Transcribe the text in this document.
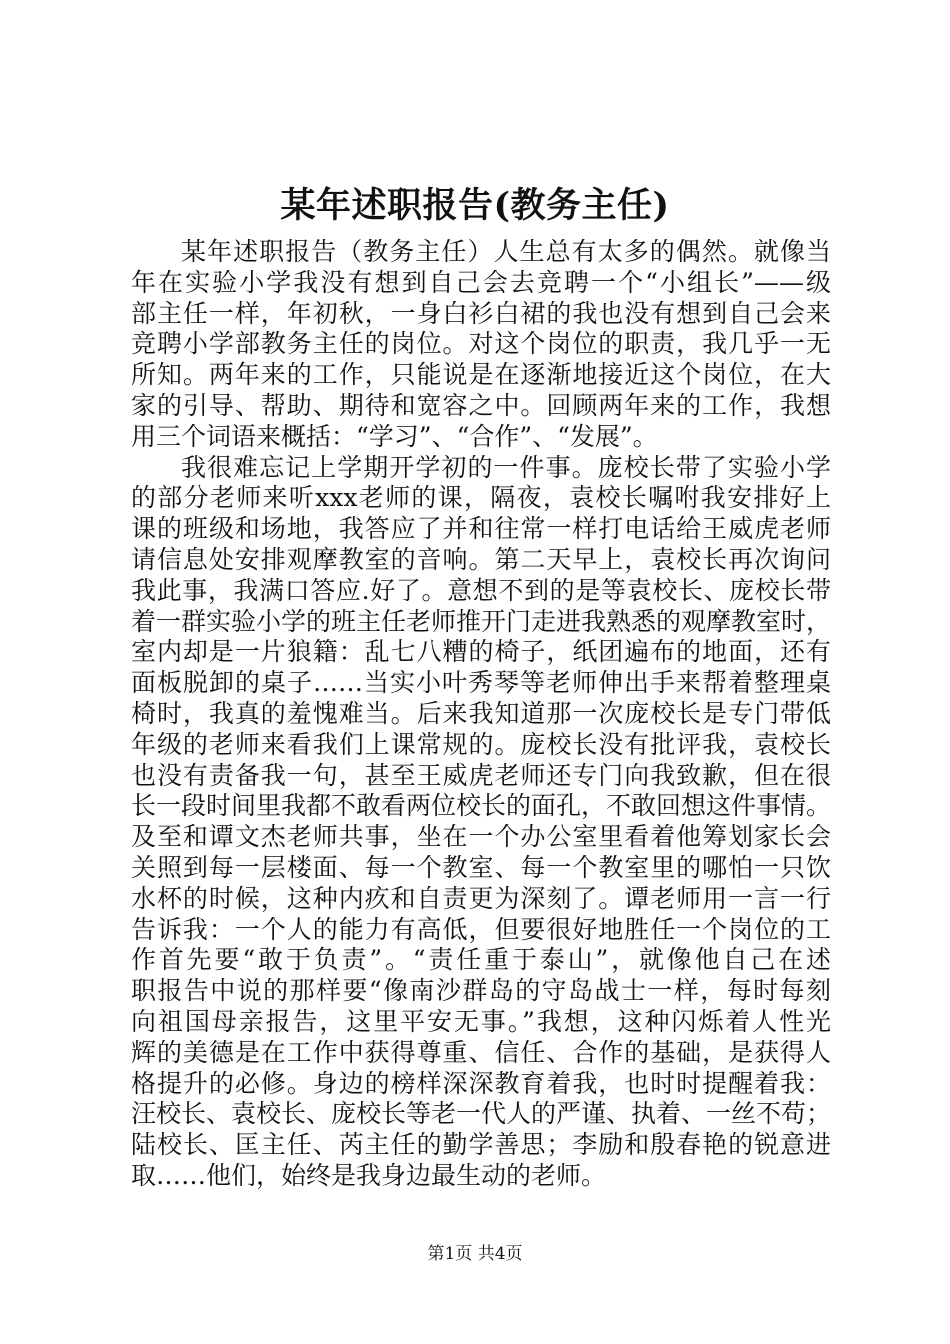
某年述职报告(教务主任)
某年述职报告（教务主任）人生总有太多的偶然。就像当
年在实验小学我没有想到自己会去竞聘一个“小组长”——级
部主任一样，年初秋，一身白衫白裙的我也没有想到自己会来
竞聘小学部教务主任的岗位。对这个岗位的职责，我几乎一无
所知。两年来的工作，只能说是在逐渐地接近这个岗位，在大
家的引导、帮助、期待和宽容之中。回顾两年来的工作，我想
用三个词语来概括：“学习”、“合作”、“发展”。
我很难忘记上学期开学初的一件事。庞校长带了实验小学
的部分老师来听xxx老师的课，隔夜，袁校长嘱咐我安排好上
课的班级和场地，我答应了并和往常一样打电话给王威虎老师
请信息处安排观摩教室的音响。第二天早上，袁校长再次询问
我此事，我满口答应.好了。意想不到的是等袁校长、庞校长带
着一群实验小学的班主任老师推开门走进我熟悉的观摩教室时，
室内却是一片狼籍：乱七八糟的椅子，纸团遍布的地面，还有
面板脱卸的桌子……当实小叶秀琴等老师伸出手来帮着整理桌
椅时，我真的羞愧难当。后来我知道那一次庞校长是专门带低
年级的老师来看我们上课常规的。庞校长没有批评我，袁校长
也没有责备我一句，甚至王威虎老师还专门向我致歉，但在很
长一段时间里我都不敢看两位校长的面孔，不敢回想这件事情。
及至和谭文杰老师共事，坐在一个办公室里看着他筹划家长会
关照到每一层楼面、每一个教室、每一个教室里的哪怕一只饮
水杯的时候，这种内疚和自责更为深刻了。谭老师用一言一行
告诉我：一个人的能力有高低，但要很好地胜任一个岗位的工
作首先要“敢于负责”。“责任重于泰山”，就像他自己在述
职报告中说的那样要“像南沙群岛的守岛战士一样，每时每刻
向祖国母亲报告，这里平安无事。”我想，这种闪烁着人性光
辉的美德是在工作中获得尊重、信任、合作的基础，是获得人
格提升的必修。身边的榜样深深教育着我，也时时提醒着我：
汪校长、袁校长、庞校长等老一代人的严谨、执着、一丝不苟；
陆校长、匡主任、芮主任的勤学善思；李励和殷春艳的锐意进
取……他们，始终是我身边最生动的老师。
第1页 共4页
